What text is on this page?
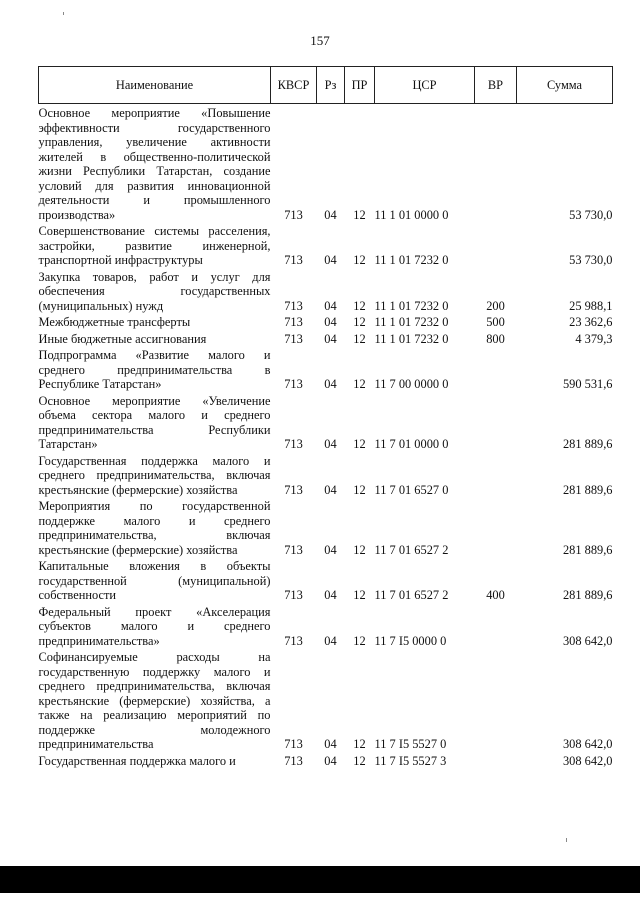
157
Наименование	КВСР	Рз	ПР	ЦСР	ВР	Сумма
Основное мероприятие «Повышение эффективности государственного управления, увеличение активности жителей в общественно-политической жизни Республики Татарстан, создание условий для развития инновационной деятельности и промышленного производства»	713	04	12	11 1 01 0000 0		53 730,0
Совершенствование системы расселения, застройки, развитие инженерной, транспортной инфраструктуры	713	04	12	11 1 01 7232 0		53 730,0
Закупка товаров, работ и услуг для обеспечения государственных (муниципальных) нужд	713	04	12	11 1 01 7232 0	200	25 988,1
Межбюджетные трансферты	713	04	12	11 1 01 7232 0	500	23 362,6
Иные бюджетные ассигнования	713	04	12	11 1 01 7232 0	800	4 379,3
Подпрограмма «Развитие малого и среднего предпринимательства в Республике Татарстан»	713	04	12	11 7 00 0000 0		590 531,6
Основное мероприятие «Увеличение объема сектора малого и среднего предпринимательства Республики Татарстан»	713	04	12	11 7 01 0000 0		281 889,6
Государственная поддержка малого и среднего предпринимательства, включая крестьянские (фермерские) хозяйства	713	04	12	11 7 01 6527 0		281 889,6
Мероприятия по государственной поддержке малого и среднего предпринимательства, включая крестьянские (фермерские) хозяйства	713	04	12	11 7 01 6527 2		281 889,6
Капитальные вложения в объекты государственной (муниципальной) собственности	713	04	12	11 7 01 6527 2	400	281 889,6
Федеральный проект «Акселерация субъектов малого и среднего предпринимательства»	713	04	12	11 7 I5 0000 0		308 642,0
Софинансируемые расходы на государственную поддержку малого и среднего предпринимательства, включая крестьянские (фермерские) хозяйства, а также на реализацию мероприятий по поддержке молодежного предпринимательства	713	04	12	11 7 I5 5527 0		308 642,0
Государственная поддержка малого и	713	04	12	11 7 I5 5527 3		308 642,0
